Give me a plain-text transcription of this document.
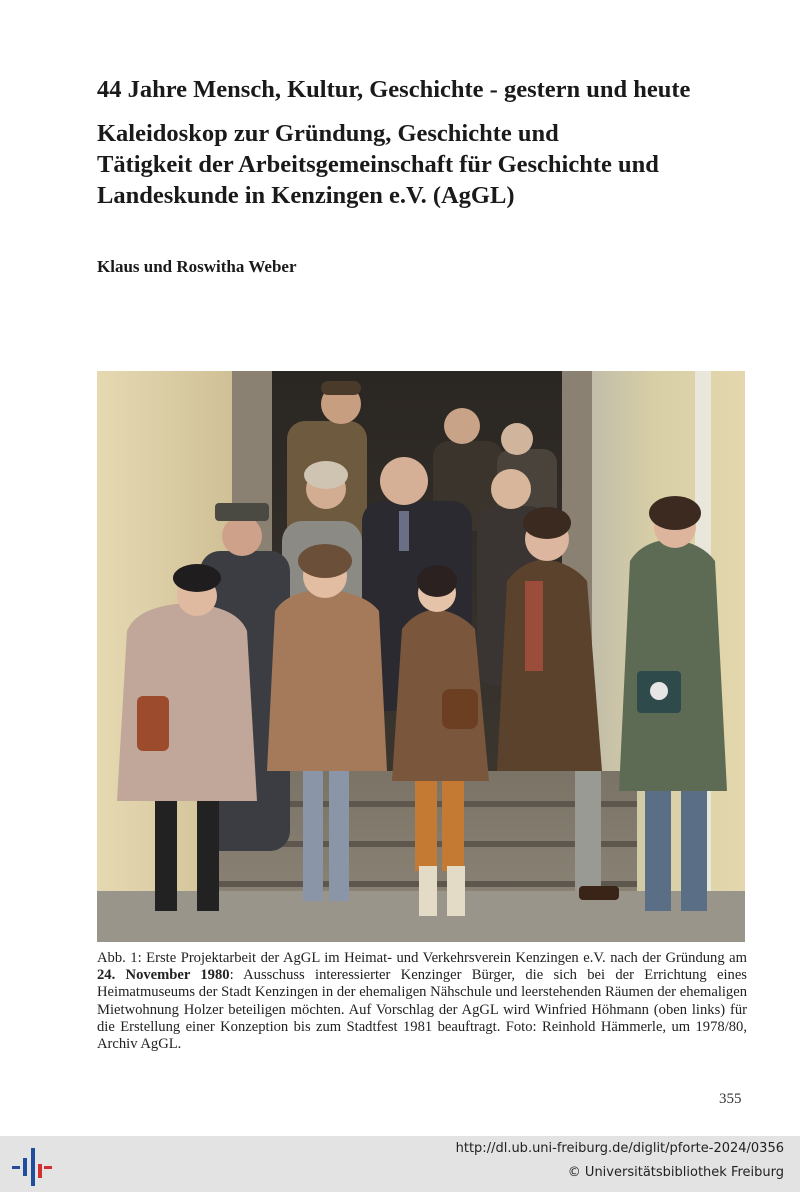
44 Jahre Mensch, Kultur, Geschichte - gestern und heute
Kaleidoskop zur Gründung, Geschichte und
Tätigkeit der Arbeitsgemeinschaft für Geschichte und
Landeskunde in Kenzingen e.V. (AgGL)

Klaus und Roswitha Weber

Abb. 1: Erste Projektarbeit der AgGL im Heimat- und Verkehrsverein Kenzingen e.V. nach der Gründung am 24. November 1980: Ausschuss interessierter Kenzinger Bürger, die sich bei der Errichtung eines Heimatmuseums der Stadt Kenzingen in der ehemaligen Nähschule und leerstehenden Räumen der ehemaligen Mietwohnung Holzer beteiligen möchten. Auf Vorschlag der AgGL wird Winfried Höhmann (oben links) für die Erstellung einer Konzeption bis zum Stadtfest 1981 beauftragt. Foto: Reinhold Hämmerle, um 1978/80, Archiv AgGL.

355

http://dl.ub.uni-freiburg.de/diglit/pforte-2024/0356
© Universitätsbibliothek Freiburg
